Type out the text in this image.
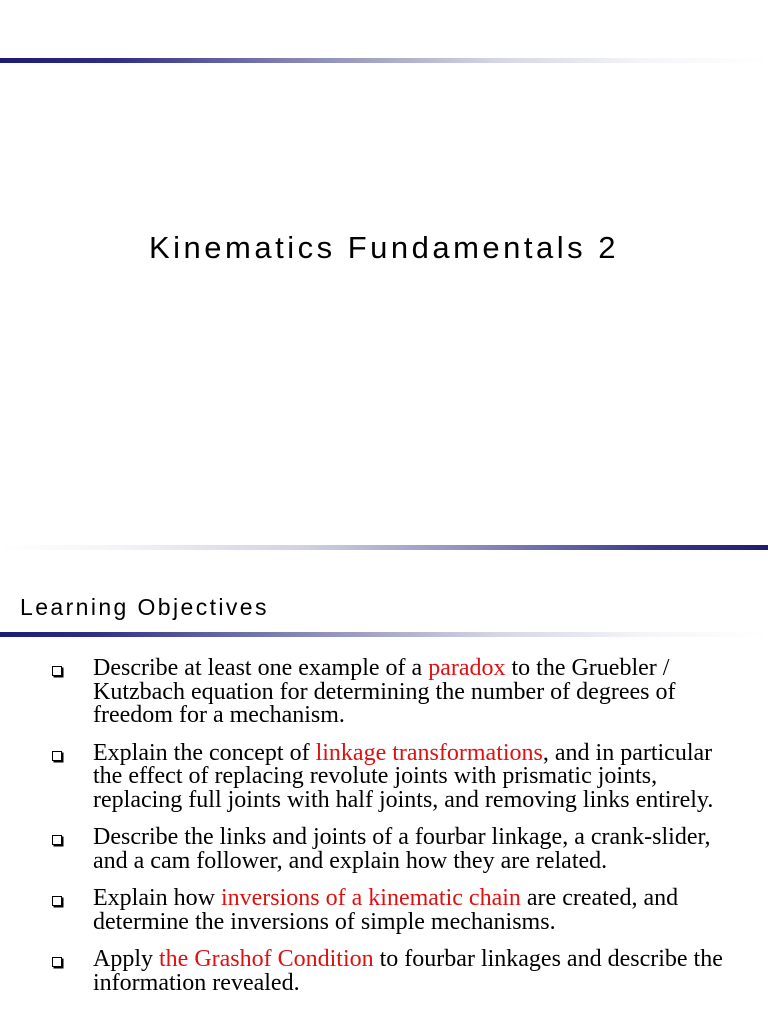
Kinematics Fundamentals 2
Learning Objectives
Describe at least one example of a paradox to the Gruebler / Kutzbach equation for determining the number of degrees of freedom for a mechanism.
Explain the concept of linkage transformations, and in particular the effect of replacing revolute joints with prismatic joints, replacing full joints with half joints, and removing links entirely.
Describe the links and joints of a fourbar linkage, a crank-slider, and a cam follower, and explain how they are related.
Explain how inversions of a kinematic chain are created, and determine the inversions of simple mechanisms.
Apply the Grashof Condition to fourbar linkages and describe the information revealed.
